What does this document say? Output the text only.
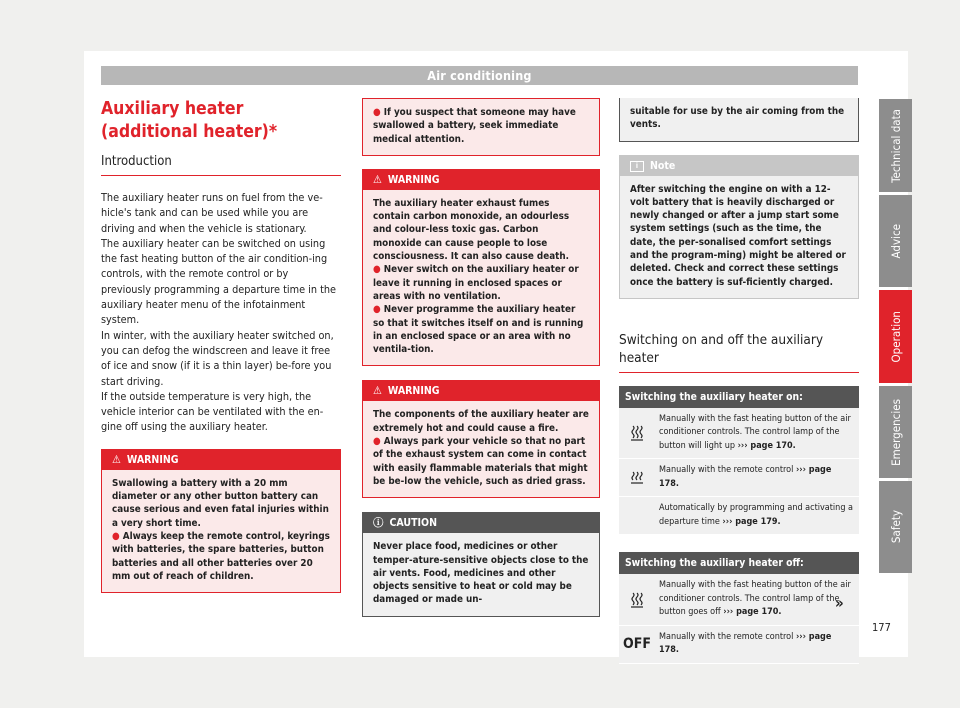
Air conditioning
Auxiliary heater (additional heater)*
Introduction

The auxiliary heater runs on fuel from the ve-hicle's tank and can be used while you are driving and when the vehicle is stationary.

The auxiliary heater can be switched on using the fast heating button of the air condition-ing controls, with the remote control or by previously programming a departure time in the auxiliary heater menu of the infotainment system.

In winter, with the auxiliary heater switched on, you can defog the windscreen and leave it free of ice and snow (if it is a thin layer) be-fore you start driving.

If the outside temperature is very high, the vehicle interior can be ventilated with the en-gine off using the auxiliary heater.

⚠ WARNING
Swallowing a battery with a 20 mm diameter or any other button battery can cause serious and even fatal injuries within a very short time.
● Always keep the remote control, keyrings with batteries, the spare batteries, button batteries and all other batteries over 20 mm out of reach of children.
● If you suspect that someone may have swallowed a battery, seek immediate medical attention.
⚠ WARNING
The auxiliary heater exhaust fumes contain carbon monoxide, an odourless and colour-less toxic gas. Carbon monoxide can cause people to lose consciousness. It can also cause death.
● Never switch on the auxiliary heater or leave it running in enclosed spaces or areas with no ventilation.
● Never programme the auxiliary heater so that it switches itself on and is running in an enclosed space or an area with no ventila-tion.
⚠ WARNING
The components of the auxiliary heater are extremely hot and could cause a fire.
● Always park your vehicle so that no part of the exhaust system can come in contact with easily flammable materials that might be be-low the vehicle, such as dried grass.
ⓘ CAUTION
Never place food, medicines or other temper-ature-sensitive objects close to the air vents. Food, medicines and other objects sensitive to heat or cold may be damaged or made un-
suitable for use by the air coming from the vents.
i Note
After switching the engine on with a 12-volt battery that is heavily discharged or newly changed or after a jump start some system settings (such as the time, the date, the per-sonalised comfort settings and the program-ming) might be altered or deleted. Check and correct these settings once the battery is suf-ficiently charged.
Switching on and off the auxiliary heater
Switching the auxiliary heater on:
Manually with the fast heating button of the air conditioner controls. The control lamp of the button will light up ››› page 170.
Manually with the remote control ››› page 178.
Automatically by programming and activating a departure time ››› page 179.
Switching the auxiliary heater off:
Manually with the fast heating button of the air conditioner controls. The control lamp of the button goes off ››› page 170.
OFF Manually with the remote control ››› page 178.
»
Technical data
Advice
Operation
Emergencies
Safety
177
